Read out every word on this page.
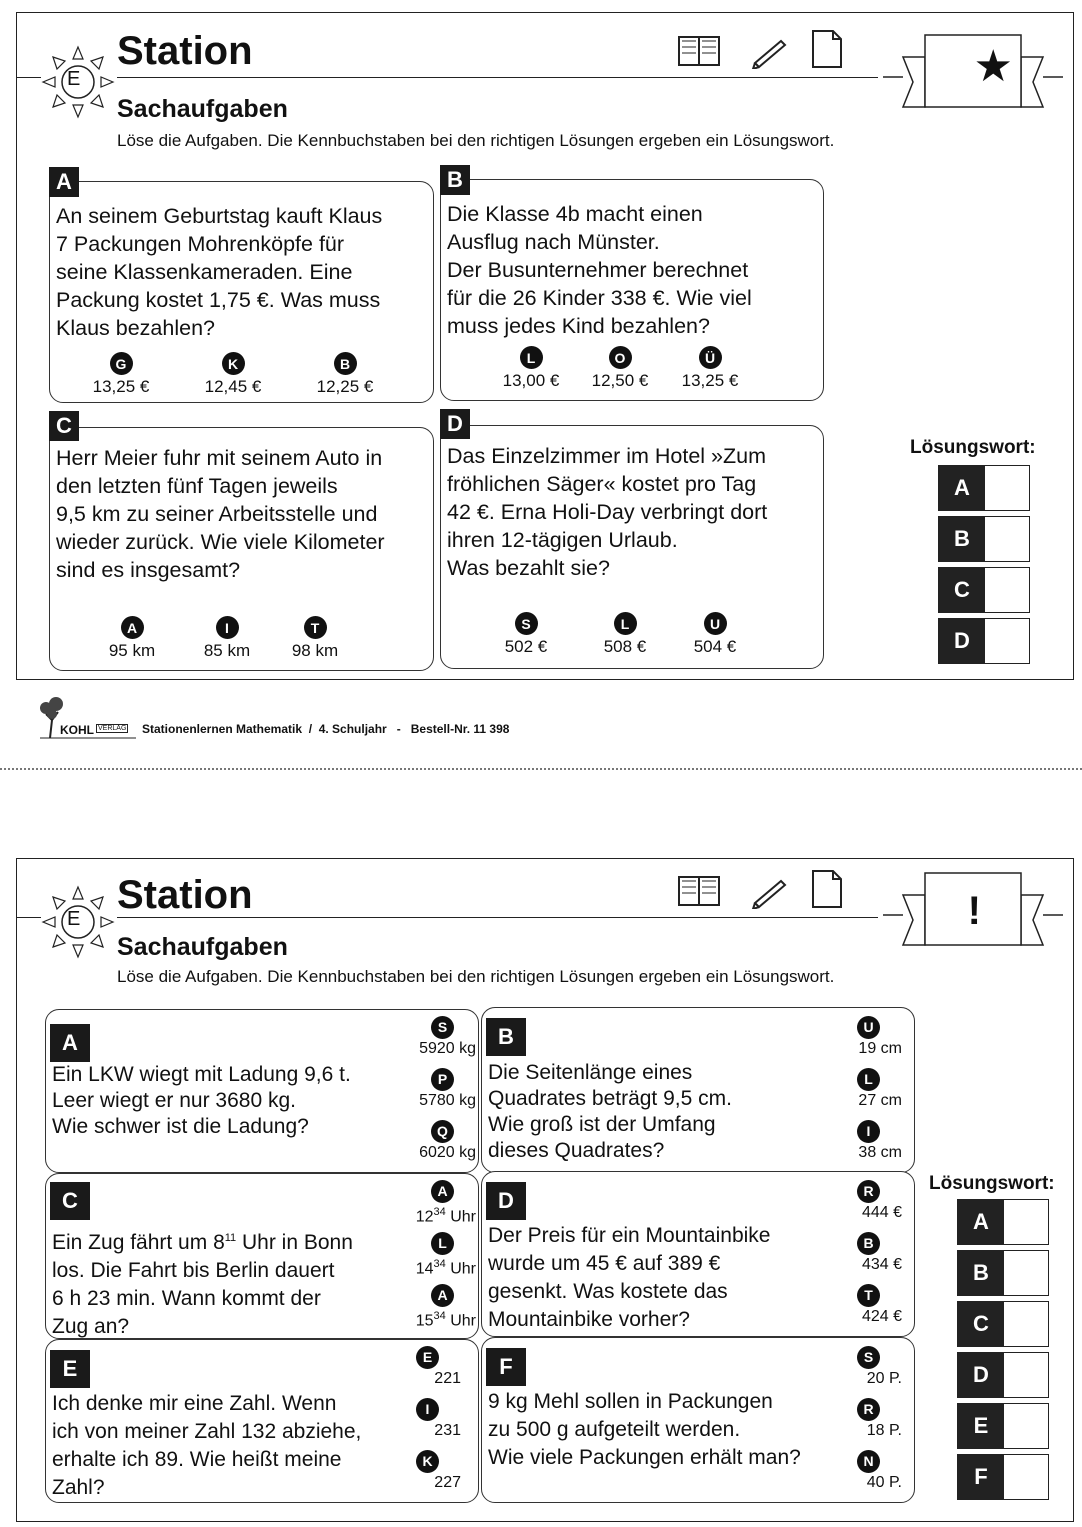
E
Station	★
Sachaufgaben
Löse die Aufgaben. Die Kennbuchstaben bei den richtigen Lösungen ergeben ein Lösungswort.
An seinem Geburtstag kauft Klaus
7 Packungen Mohrenköpfe für
seine Klassenkameraden. Eine
Packung kostet 1,75 €. Was muss
Klaus bezahlen?
G
13,25 €
K
12,45 €
B
12,25 €
A
Die Klasse 4b macht einen
Ausflug nach Münster.
Der Busunternehmer berechnet
für die 26 Kinder 338 €. Wie viel
muss jedes Kind bezahlen?
L
13,00 €
O
12,50 €
Ü
13,25 €
B
Herr Meier fuhr mit seinem Auto in
den letzten fünf Tagen jeweils
9,5 km zu seiner Arbeitsstelle und
wieder zurück. Wie viele Kilometer
sind es insgesamt?
A
95 km
I
85 km
T
98 km
C
Das Einzelzimmer im Hotel »Zum
fröhlichen Säger« kostet pro Tag
42 €. Erna Holi-Day verbringt dort
ihren 12-tägigen Urlaub.
Was bezahlt sie?
S
502 €
L
508 €
U
504 €
D
Lösungswort:
A
B
C
D
KOHL VERLAG Stationenlernen Mathematik  /  4. Schuljahr   -   Bestell-Nr. 11 398
E
Station	!
Sachaufgaben
Löse die Aufgaben. Die Kennbuchstaben bei den richtigen Lösungen ergeben ein Lösungswort.
A
Ein LKW wiegt mit Ladung 9,6 t.
Leer wiegt er nur 3680 kg.
Wie schwer ist die Ladung?
S
5920 kg
P
5780 kg
Q
6020 kg
B
Die Seitenlänge eines
Quadrates beträgt 9,5 cm.
Wie groß ist der Umfang
dieses Quadrates?
U
19 cm
L
27 cm
I
38 cm
C
Ein Zug fährt um $8^{11}$ Uhr in Bonn
los. Die Fahrt bis Berlin dauert
6 h 23 min. Wann kommt der
Zug an?
A
$12^{34}$ Uhr
L
$14^{34}$ Uhr
A
$15^{34}$ Uhr
D
Der Preis für ein Mountainbike
wurde um 45 € auf 389 €
gesenkt. Was kostete das
Mountainbike vorher?
R
444 €
B
434 €
T
424 €
E
Ich denke mir eine Zahl. Wenn
ich von meiner Zahl 132 abziehe,
erhalte ich 89. Wie heißt meine
Zahl?
E
221
I
231
K
227
F
9 kg Mehl sollen in Packungen
zu 500 g aufgeteilt werden.
Wie viele Packungen erhält man?
S
20 P.
R
18 P.
N
40 P.
Lösungswort:
A
B
C
D
E
F
